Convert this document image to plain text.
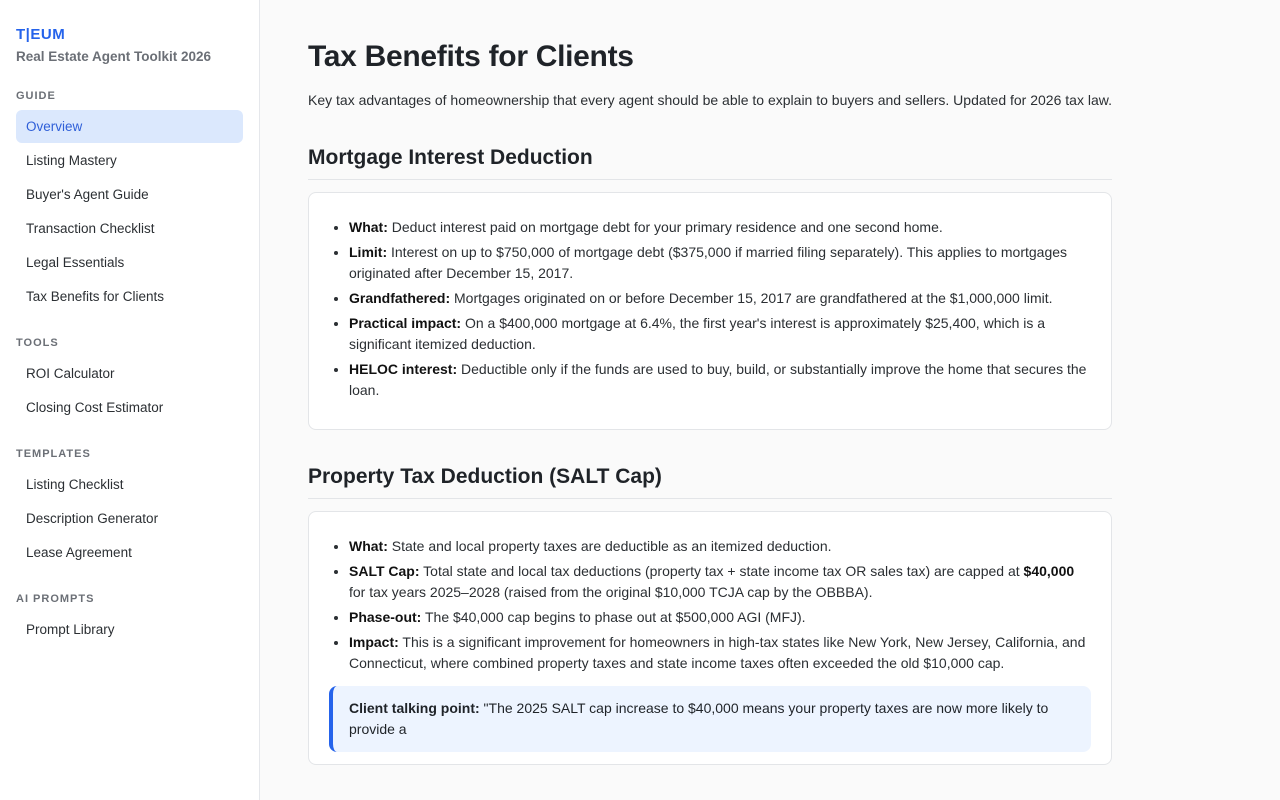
T|EUM
Real Estate Agent Toolkit 2026
GUIDE
Overview
Listing Mastery
Buyer's Agent Guide
Transaction Checklist
Legal Essentials
Tax Benefits for Clients
TOOLS
ROI Calculator
Closing Cost Estimator
TEMPLATES
Listing Checklist
Description Generator
Lease Agreement
AI PROMPTS
Prompt Library
Tax Benefits for Clients

Key tax advantages of homeownership that every agent should be able to explain to buyers and sellers. Updated for 2026 tax law.

Mortgage Interest Deduction
• What: Deduct interest paid on mortgage debt for your primary residence and one second home.
• Limit: Interest on up to $750,000 of mortgage debt ($375,000 if married filing separately). This applies to mortgages originated after December 15, 2017.
• Grandfathered: Mortgages originated on or before December 15, 2017 are grandfathered at the $1,000,000 limit.
• Practical impact: On a $400,000 mortgage at 6.4%, the first year's interest is approximately $25,400, which is a significant itemized deduction.
• HELOC interest: Deductible only if the funds are used to buy, build, or substantially improve the home that secures the loan.
Property Tax Deduction (SALT Cap)
• What: State and local property taxes are deductible as an itemized deduction.
• SALT Cap: Total state and local tax deductions (property tax + state income tax OR sales tax) are capped at $40,000 for tax years 2025–2028 (raised from the original $10,000 TCJA cap by the OBBBA).
• Phase-out: The $40,000 cap begins to phase out at $500,000 AGI (MFJ).
• Impact: This is a significant improvement for homeowners in high-tax states like New York, New Jersey, California, and Connecticut, where combined property taxes and state income taxes often exceeded the old $10,000 cap.
Client talking point: "The 2025 SALT cap increase to $40,000 means your property taxes are now more likely to provide a
